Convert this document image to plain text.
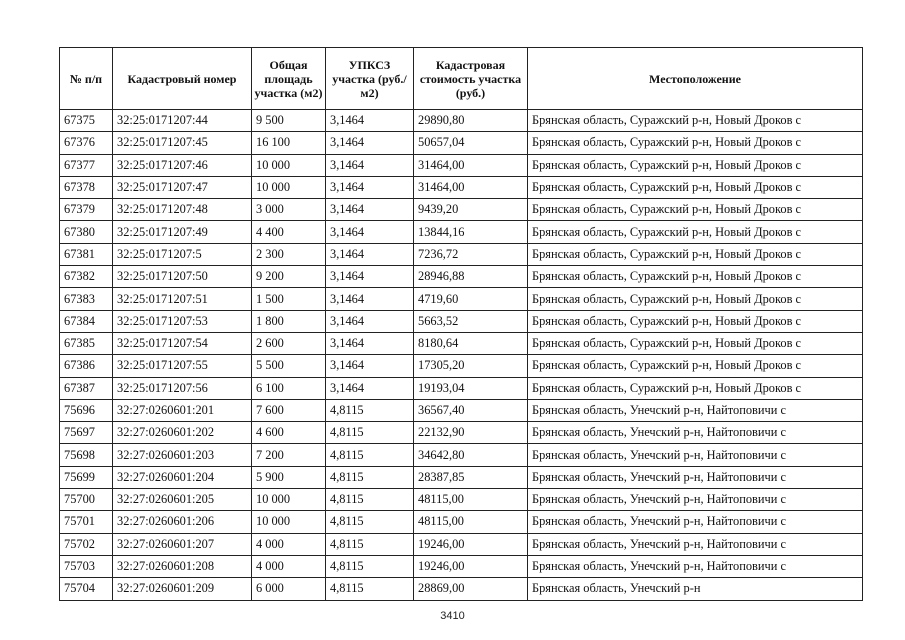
№ п/п	Кадастровый номер	Общая площадь участка (м2)	УПКСЗ участка (руб./м2)	Кадастровая стоимость участка (руб.)	Местоположение
67375	32:25:0171207:44	9 500	3,1464	29890,80	Брянская область, Суражский р-н, Новый Дроков с
67376	32:25:0171207:45	16 100	3,1464	50657,04	Брянская область, Суражский р-н, Новый Дроков с
67377	32:25:0171207:46	10 000	3,1464	31464,00	Брянская область, Суражский р-н, Новый Дроков с
67378	32:25:0171207:47	10 000	3,1464	31464,00	Брянская область, Суражский р-н, Новый Дроков с
67379	32:25:0171207:48	3 000	3,1464	9439,20	Брянская область, Суражский р-н, Новый Дроков с
67380	32:25:0171207:49	4 400	3,1464	13844,16	Брянская область, Суражский р-н, Новый Дроков с
67381	32:25:0171207:5	2 300	3,1464	7236,72	Брянская область, Суражский р-н, Новый Дроков с
67382	32:25:0171207:50	9 200	3,1464	28946,88	Брянская область, Суражский р-н, Новый Дроков с
67383	32:25:0171207:51	1 500	3,1464	4719,60	Брянская область, Суражский р-н, Новый Дроков с
67384	32:25:0171207:53	1 800	3,1464	5663,52	Брянская область, Суражский р-н, Новый Дроков с
67385	32:25:0171207:54	2 600	3,1464	8180,64	Брянская область, Суражский р-н, Новый Дроков с
67386	32:25:0171207:55	5 500	3,1464	17305,20	Брянская область, Суражский р-н, Новый Дроков с
67387	32:25:0171207:56	6 100	3,1464	19193,04	Брянская область, Суражский р-н, Новый Дроков с
75696	32:27:0260601:201	7 600	4,8115	36567,40	Брянская область, Унечский р-н, Найтоповичи с
75697	32:27:0260601:202	4 600	4,8115	22132,90	Брянская область, Унечский р-н, Найтоповичи с
75698	32:27:0260601:203	7 200	4,8115	34642,80	Брянская область, Унечский р-н, Найтоповичи с
75699	32:27:0260601:204	5 900	4,8115	28387,85	Брянская область, Унечский р-н, Найтоповичи с
75700	32:27:0260601:205	10 000	4,8115	48115,00	Брянская область, Унечский р-н, Найтоповичи с
75701	32:27:0260601:206	10 000	4,8115	48115,00	Брянская область, Унечский р-н, Найтоповичи с
75702	32:27:0260601:207	4 000	4,8115	19246,00	Брянская область, Унечский р-н, Найтоповичи с
75703	32:27:0260601:208	4 000	4,8115	19246,00	Брянская область, Унечский р-н, Найтоповичи с
75704	32:27:0260601:209	6 000	4,8115	28869,00	Брянская область, Унечский р-н
3410
